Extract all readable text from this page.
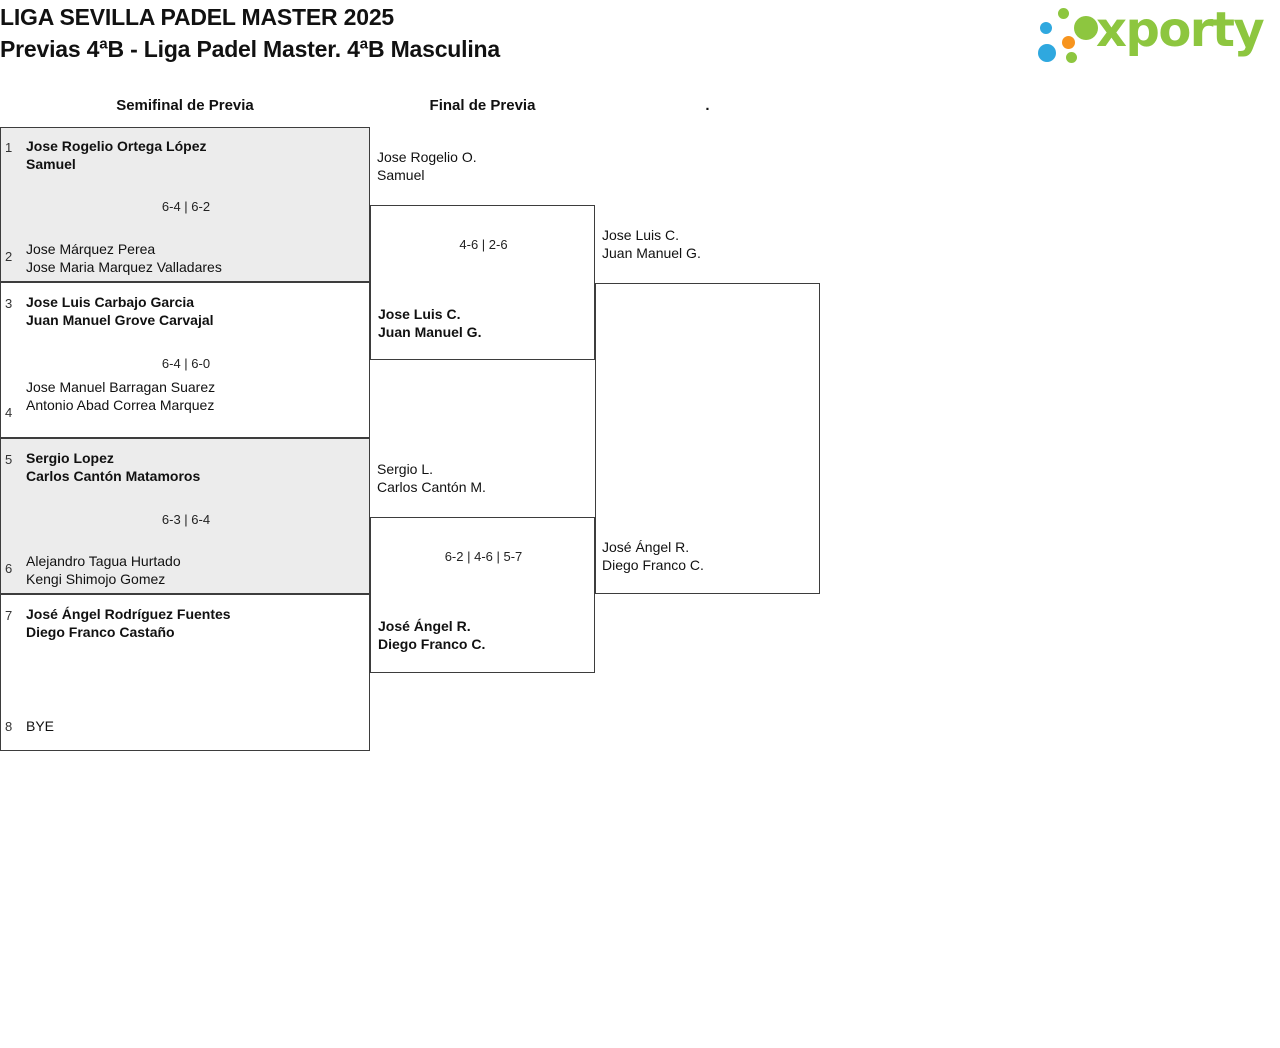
LIGA SEVILLA PADEL MASTER 2025
Previas 4ªB - Liga Padel Master. 4ªB Masculina	xporty
Semifinal de Previa	Final de Previa	.
1 Jose Rogelio Ortega López
Samuel
6-4 | 6-2
2 Jose Márquez Perea
Jose Maria Marquez Valladares
3 Jose Luis Carbajo Garcia
Juan Manuel Grove Carvajal
6-4 | 6-0
4
Jose Manuel Barragan Suarez
Antonio Abad Correa Marquez
5 Sergio Lopez
Carlos Cantón Matamoros
6-3 | 6-4
6 Alejandro Tagua Hurtado
Kengi Shimojo Gomez
7 José Ángel Rodríguez Fuentes
Diego Franco Castaño
8 BYE
Jose Rogelio O.
Samuel
4-6 | 2-6
Jose Luis C.
Juan Manuel G.
Sergio L.
Carlos Cantón M.
6-2 | 4-6 | 5-7
José Ángel R.
Diego Franco C.
Jose Luis C.
Juan Manuel G.
José Ángel R.
Diego Franco C.
